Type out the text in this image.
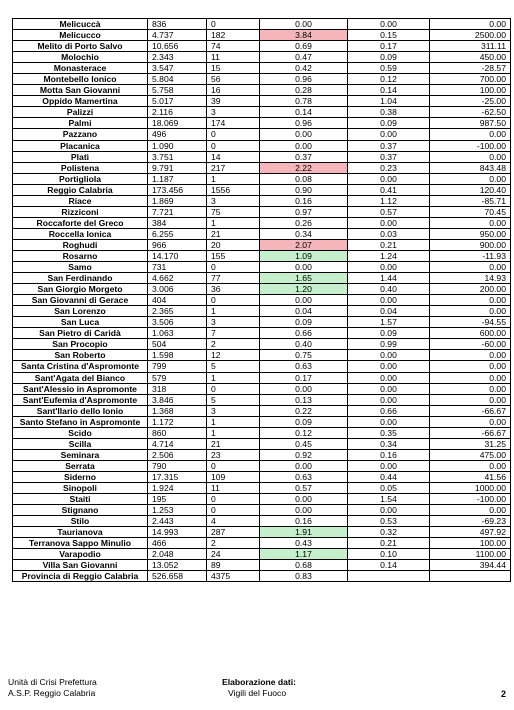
Melicuccà	836	0	0.00	0.00	0.00
Melicucco	4.737	182	3.84	0.15	2500.00
Melito di Porto Salvo	10.656	74	0.69	0.17	311.11
Molochio	2.343	11	0.47	0.09	450.00
Monasterace	3.547	15	0.42	0.59	-28.57
Montebello Ionico	5.804	56	0.96	0.12	700.00
Motta San Giovanni	5.758	16	0.28	0.14	100.00
Oppido Mamertina	5.017	39	0.78	1.04	-25.00
Palizzi	2.116	3	0.14	0.38	-62.50
Palmi	18.069	174	0.96	0.09	987.50
Pazzano	496	0	0.00	0.00	0.00
Placanica	1.090	0	0.00	0.37	-100.00
Platì	3.751	14	0.37	0.37	0.00
Polistena	9.791	217	2.22	0.23	843.48
Portigliola	1.187	1	0.08	0.00	0.00
Reggio Calabria	173.456	1556	0.90	0.41	120.40
Riace	1.869	3	0.16	1.12	-85.71
Rizziconi	7.721	75	0.97	0.57	70.45
Roccaforte del Greco	384	1	0.26	0.00	0.00
Roccella Ionica	6.255	21	0.34	0.03	950.00
Roghudi	966	20	2.07	0.21	900.00
Rosarno	14.170	155	1.09	1.24	-11.93
Samo	731	0	0.00	0.00	0.00
San Ferdinando	4.662	77	1.65	1.44	14.93
San Giorgio Morgeto	3.006	36	1.20	0.40	200.00
San Giovanni di Gerace	404	0	0.00	0.00	0.00
San Lorenzo	2.365	1	0.04	0.04	0.00
San Luca	3.506	3	0.09	1.57	-94.55
San Pietro di Caridà	1.063	7	0.66	0.09	600.00
San Procopio	504	2	0.40	0.99	-60.00
San Roberto	1.598	12	0.75	0.00	0.00
Santa Cristina d'Aspromonte	799	5	0.63	0.00	0.00
Sant'Agata del Bianco	579	1	0.17	0.00	0.00
Sant'Alessio in Aspromonte	318	0	0.00	0.00	0.00
Sant'Eufemia d'Aspromonte	3.846	5	0.13	0.00	0.00
Sant'Ilario dello Ionio	1.368	3	0.22	0.66	-66.67
Santo Stefano in Aspromonte	1.172	1	0.09	0.00	0.00
Scido	860	1	0.12	0.35	-66.67
Scilla	4.714	21	0.45	0.34	31.25
Seminara	2.506	23	0.92	0.16	475.00
Serrata	790	0	0.00	0.00	0.00
Siderno	17.315	109	0.63	0.44	41.56
Sinopoli	1.924	11	0.57	0.05	1000.00
Staiti	195	0	0.00	1.54	-100.00
Stignano	1.253	0	0.00	0.00	0.00
Stilo	2.443	4	0.16	0.53	-69.23
Taurianova	14.993	287	1.91	0.32	497.92
Terranova Sappo Minulio	466	2	0.43	0.21	100.00
Varapodio	2.048	24	1.17	0.10	1100.00
Villa San Giovanni	13.052	89	0.68	0.14	394.44
Provincia di Reggio Calabria	526.658	4375	0.83		
Unità di Crisi Prefettura
A.S.P. Reggio Calabria
Elaborazione dati:
Vigili del Fuoco	2
